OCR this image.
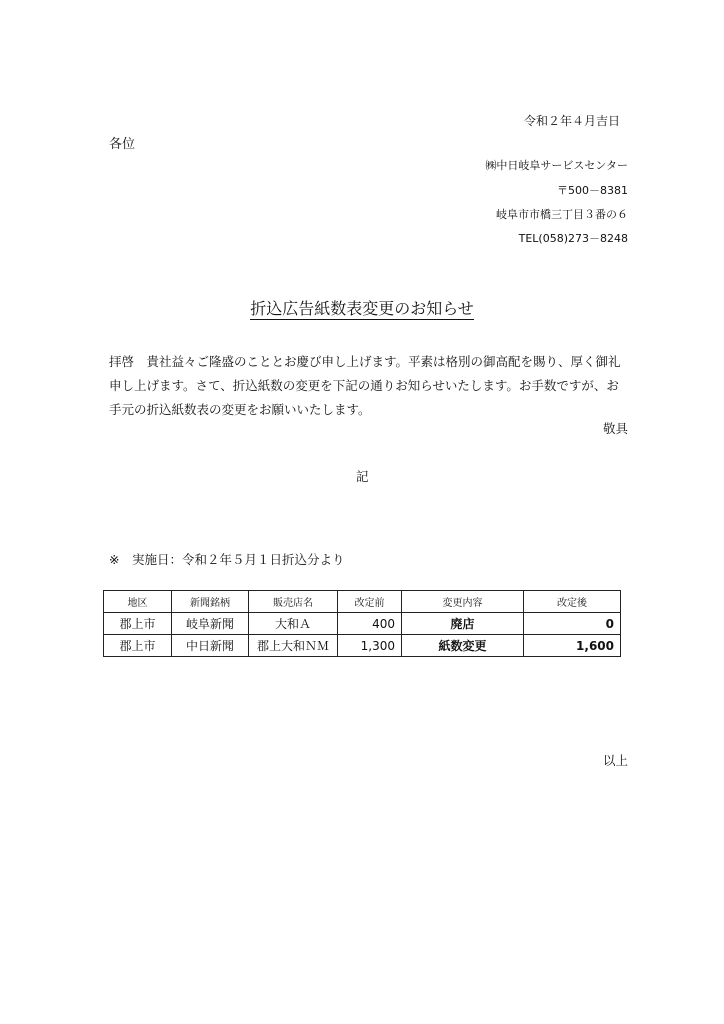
令和２年４月吉日
各位
㈱中日岐阜サービスセンター
〒500－8381
岐阜市市橋三丁目３番の６
TEL(058)273－8248
折込広告紙数表変更のお知らせ
拝啓　貴社益々ご隆盛のこととお慶び申し上げます。平素は格別の御高配を賜り、厚く御礼
申し上げます。さて、折込紙数の変更を下記の通りお知らせいたします。お手数ですが、お
手元の折込紙数表の変更をお願いいたします。
敬具
記
※　実施日：令和２年５月１日折込分より
地区	新聞銘柄	販売店名	改定前	変更内容	改定後
郡上市	岐阜新聞	大和Ａ	400	廃店	0
郡上市	中日新聞	郡上大和ＮＭ	1,300	紙数変更	1,600
以上
